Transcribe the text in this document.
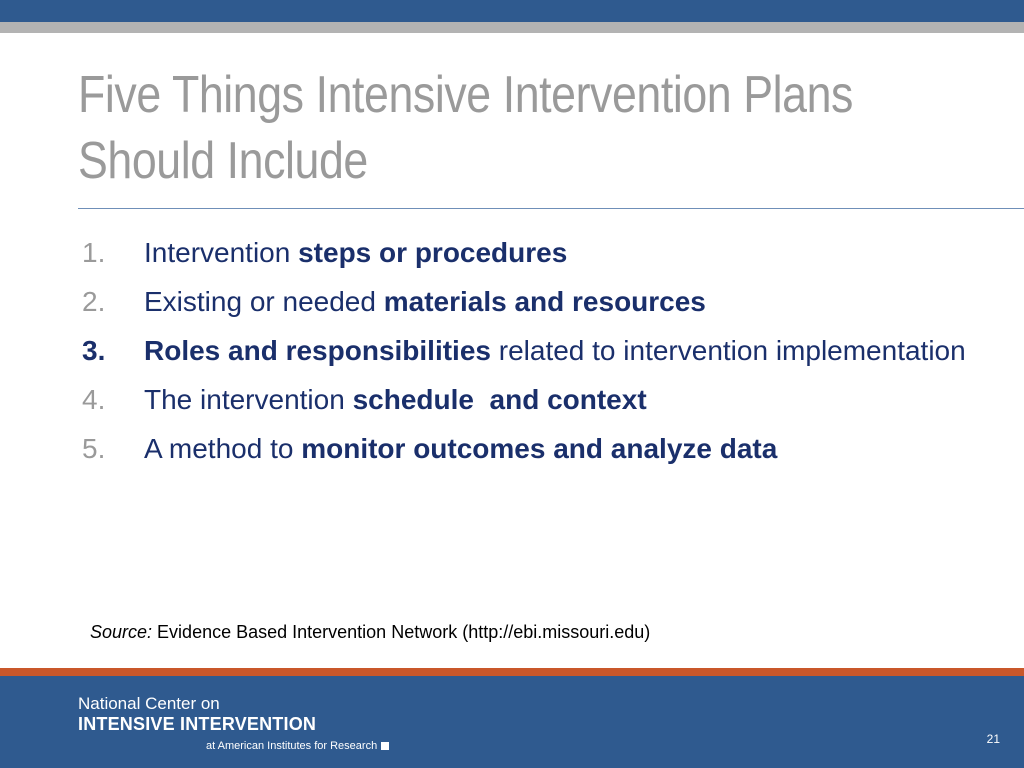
Five Things Intensive Intervention Plans
Should Include
1.	Intervention steps or procedures
2.	Existing or needed materials and resources
3.	Roles and responsibilities related to intervention implementation
4.	The intervention schedule  and context
5.	A method to monitor outcomes and analyze data
Source: Evidence Based Intervention Network (http://ebi.missouri.edu)
National Center on
INTENSIVE INTERVENTION
at American Institutes for Research	21
